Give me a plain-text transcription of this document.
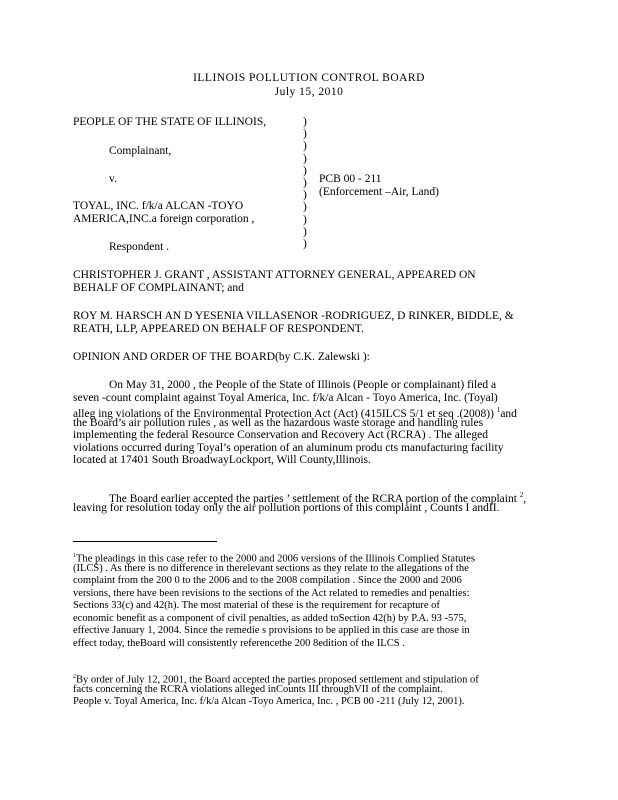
ILLINOIS POLLUTION CONTROL BOARD
July 15, 2010
PEOPLE OF THE STATE OF ILLINOIS,
Complainant,
v.
TOYAL, INC. f/k/a ALCAN -TOYO
AMERICA,INC.a foreign corporation ,
Respondent .
PCB 00 - 211
(Enforcement –Air, Land)
)
)
)
)
)
)
)
)
)
)
)
CHRISTOPHER J. GRANT , ASSISTANT ATTORNEY GENERAL, APPEARED ON
BEHALF OF COMPLAINANT; and
ROY M. HARSCH AN D YESENIA VILLASENOR -RODRIGUEZ, D RINKER, BIDDLE, &
REATH, LLP, APPEARED ON BEHALF OF RESPONDENT.
OPINION AND ORDER OF THE BOARD(by C.K. Zalewski ):
On May 31, 2000 , the People of the State of Illinois (People or complainant) filed a
seven -count complaint against Toyal America, Inc. f/k/a Alcan - Toyo America, Inc. (Toyal)
alleg ing violations of the Environmental Protection Act (Act) (415ILCS 5/1 et seq .(2008)) $^1$and
the Board’s air pollution rules , as well as the hazardous waste storage and handling rules
implementing the federal Resource Conservation and Recovery Act (RCRA) . The alleged
violations occurred during Toyal’s operation of an aluminum produ cts manufacturing facility
located at 17401 South BroadwayLockport, Will County,Illinois.
The Board earlier accepted the parties ’ settlement of the RCRA portion of the complaint $^2$,
leaving for resolution today only the air pollution portions of this complaint , Counts I andII.
$^1$The pleadings in this case refer to the 2000 and 2006 versions of the Illinois Complied Statutes
(ILCS) . As there is no difference in therelevant sections as they relate to the allegations of the
complaint from the 200 0 to the 2006 and to the 2008 compilation . Since the 2000 and 2006
versions, there have been revisions to the sections of the Act related to remedies and penalties:
Sections 33(c) and 42(h). The most material of these is the requirement for recapture of
economic benefit as a component of civil penalties, as added toSection 42(h) by P.A. 93 -575,
effective January 1, 2004. Since the remedie s provisions to be applied in this case are those in
effect today, theBoard will consistently referencethe 200 8edition of the ILCS .
$^2$By order of July 12, 2001, the Board accepted the parties proposed settlement and stipulation of
facts concerning the RCRA violations alleged inCounts III throughVII of the complaint.
People v. Toyal America, Inc. f/k/a Alcan -Toyo America, Inc. , PCB 00 -211 (July 12, 2001).
